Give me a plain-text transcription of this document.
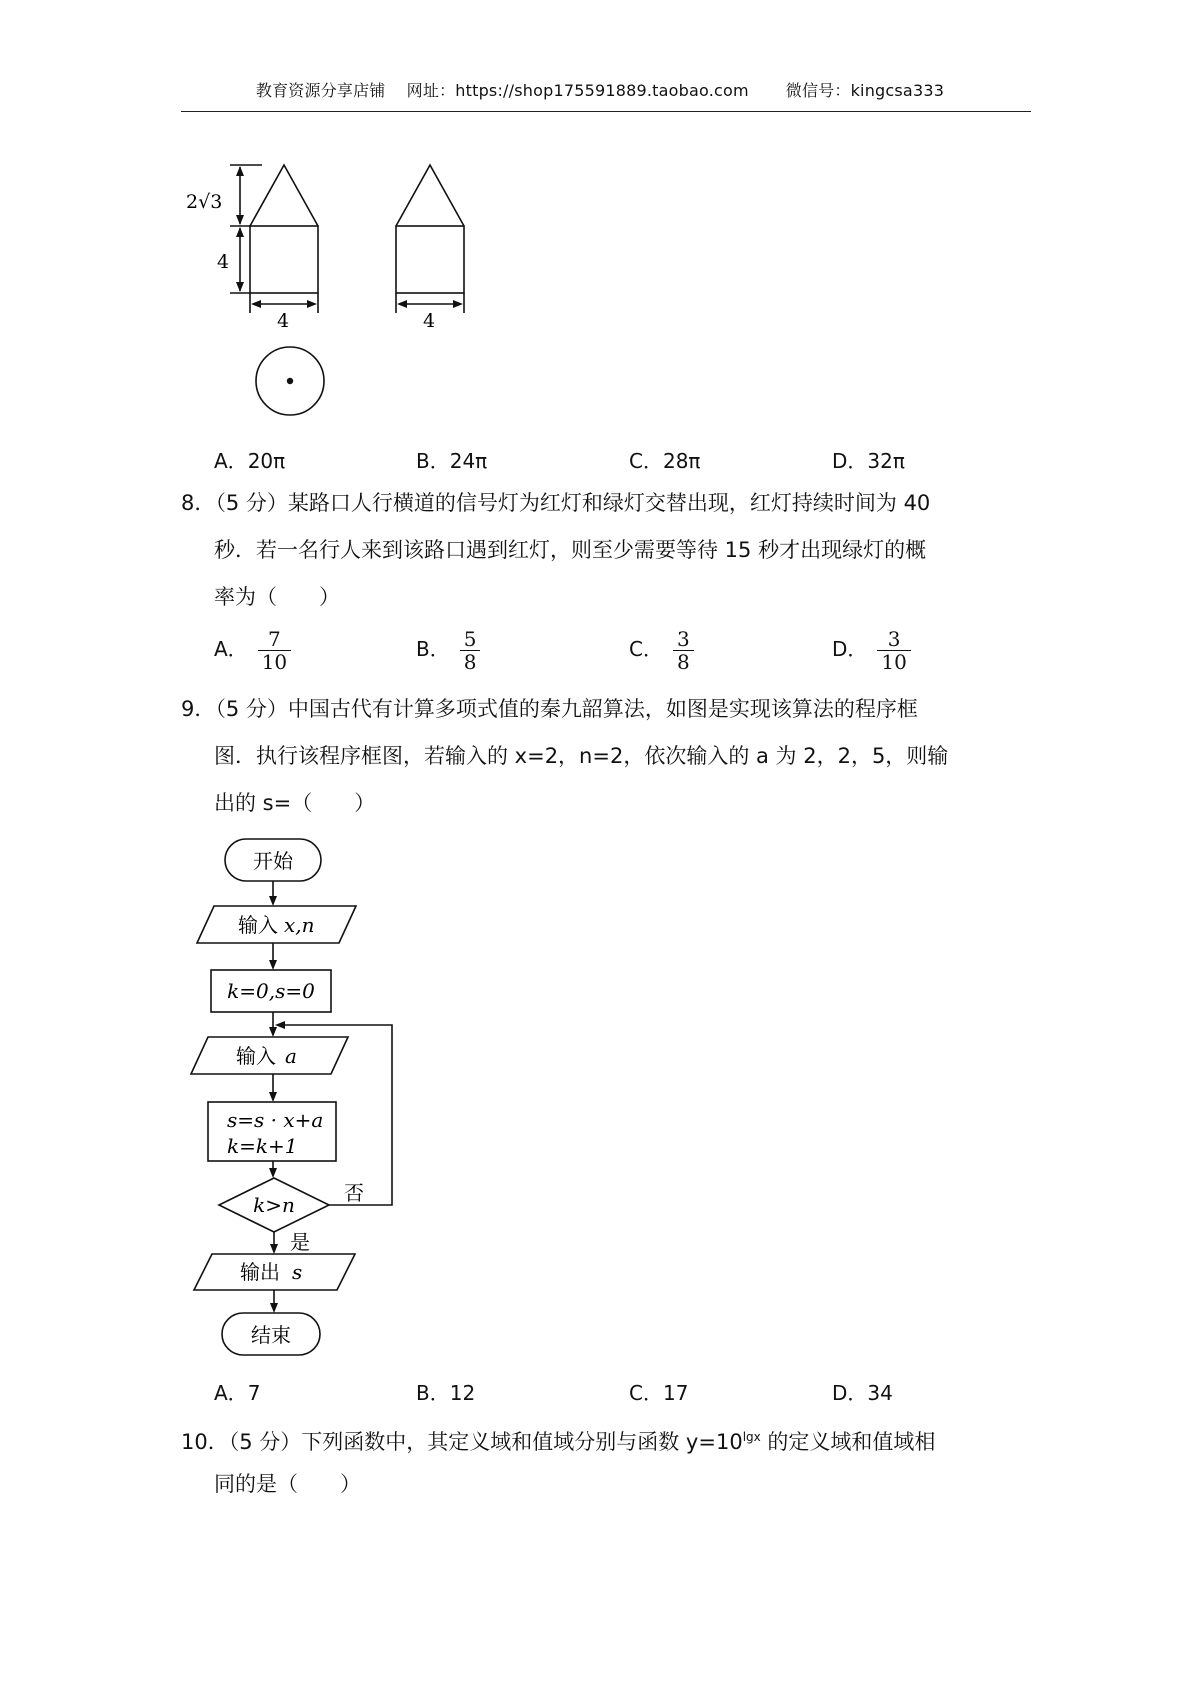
教育资源分享店铺 网址：https://shop175591889.taobao.com 微信号：kingcsa333
2√3
4
4	4
A．20π	B．24π	C．28π	D．32π
8．（5 分）某路口人行横道的信号灯为红灯和绿灯交替出现，红灯持续时间为 40
秒．若一名行人来到该路口遇到红灯，则至少需要等待 15 秒才出现绿灯的概
率为（　　）
A． $\frac{7}{10}$	B． $\frac{5}{8}$	C． $\frac{3}{8}$	D． $\frac{3}{10}$
9．（5 分）中国古代有计算多项式值的秦九韶算法，如图是实现该算法的程序框
图．执行该程序框图，若输入的 x=2，n=2，依次输入的 a 为 2，2，5，则输
出的 s=（　　）
开始
输入 x,n
k=0,s=0
输入 a
s=s · x+a
k=k+1
k>n 否
是
输出 s
结束
A．7	B．12	C．17	D．34
10．（5 分）下列函数中，其定义域和值域分别与函数 $y=10^{lgx}$ 的定义域和值域相
同的是（　　）
